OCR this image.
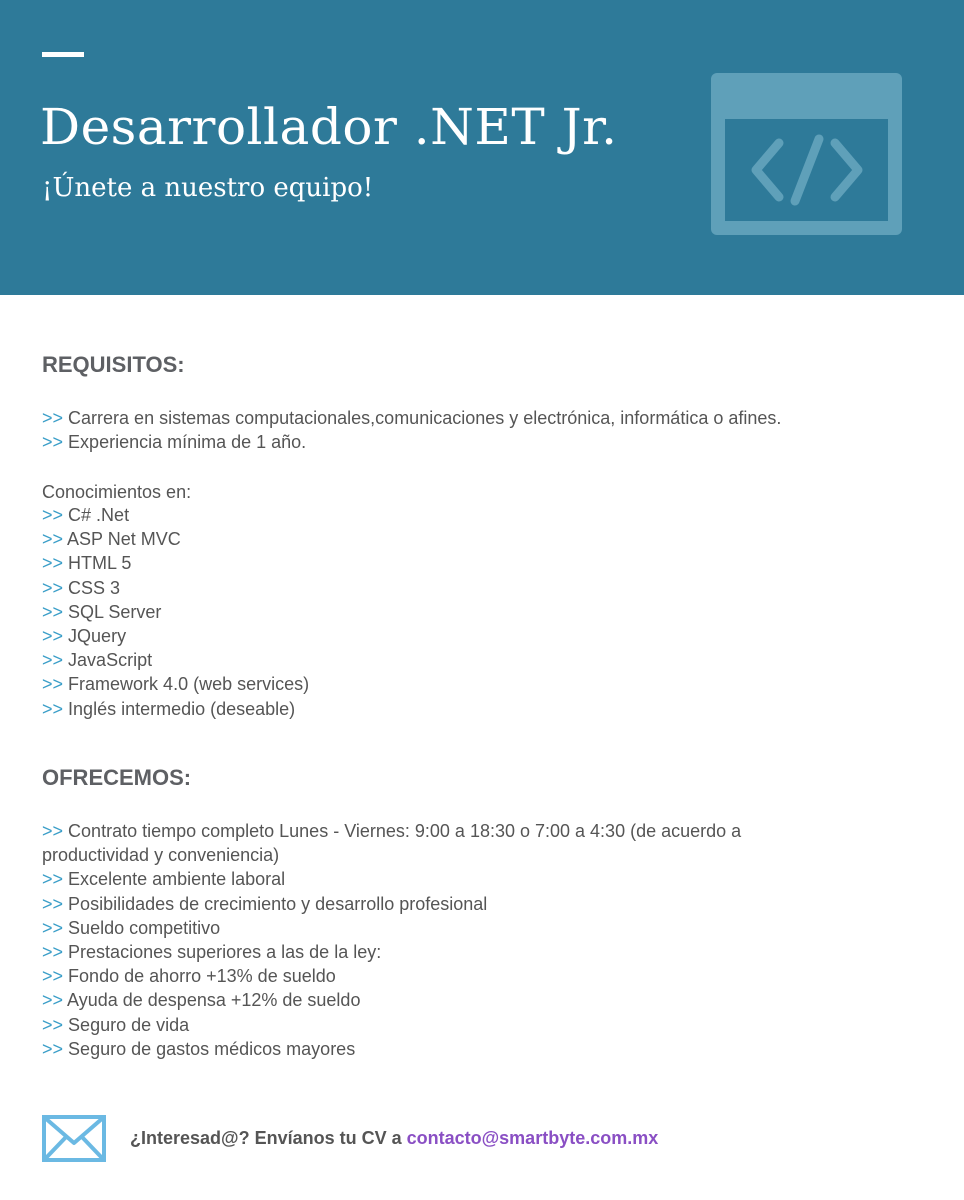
Desarrollador .NET Jr.

¡Únete a nuestro equipo!

REQUISITOS:
>> Carrera en sistemas computacionales,comunicaciones y electrónica, informática o afines.
>> Experiencia mínima de 1 año.

Conocimientos en:

>> C# .Net
>> ASP Net MVC
>> HTML 5
>> CSS 3
>> SQL Server
>> JQuery
>> JavaScript
>> Framework 4.0 (web services)
>> Inglés intermedio (deseable)
OFRECEMOS:
>> Contrato tiempo completo Lunes - Viernes: 9:00 a 18:30 o 7:00 a 4:30 (de acuerdo a productividad y conveniencia)
>> Excelente ambiente laboral
>> Posibilidades de crecimiento y desarrollo profesional
>> Sueldo competitivo
>> Prestaciones superiores a las de la ley:
>> Fondo de ahorro +13% de sueldo
>> Ayuda de despensa +12% de sueldo
>> Seguro de vida
>> Seguro de gastos médicos mayores

¿Interesad@? Envíanos tu CV a contacto@smartbyte.com.mx
